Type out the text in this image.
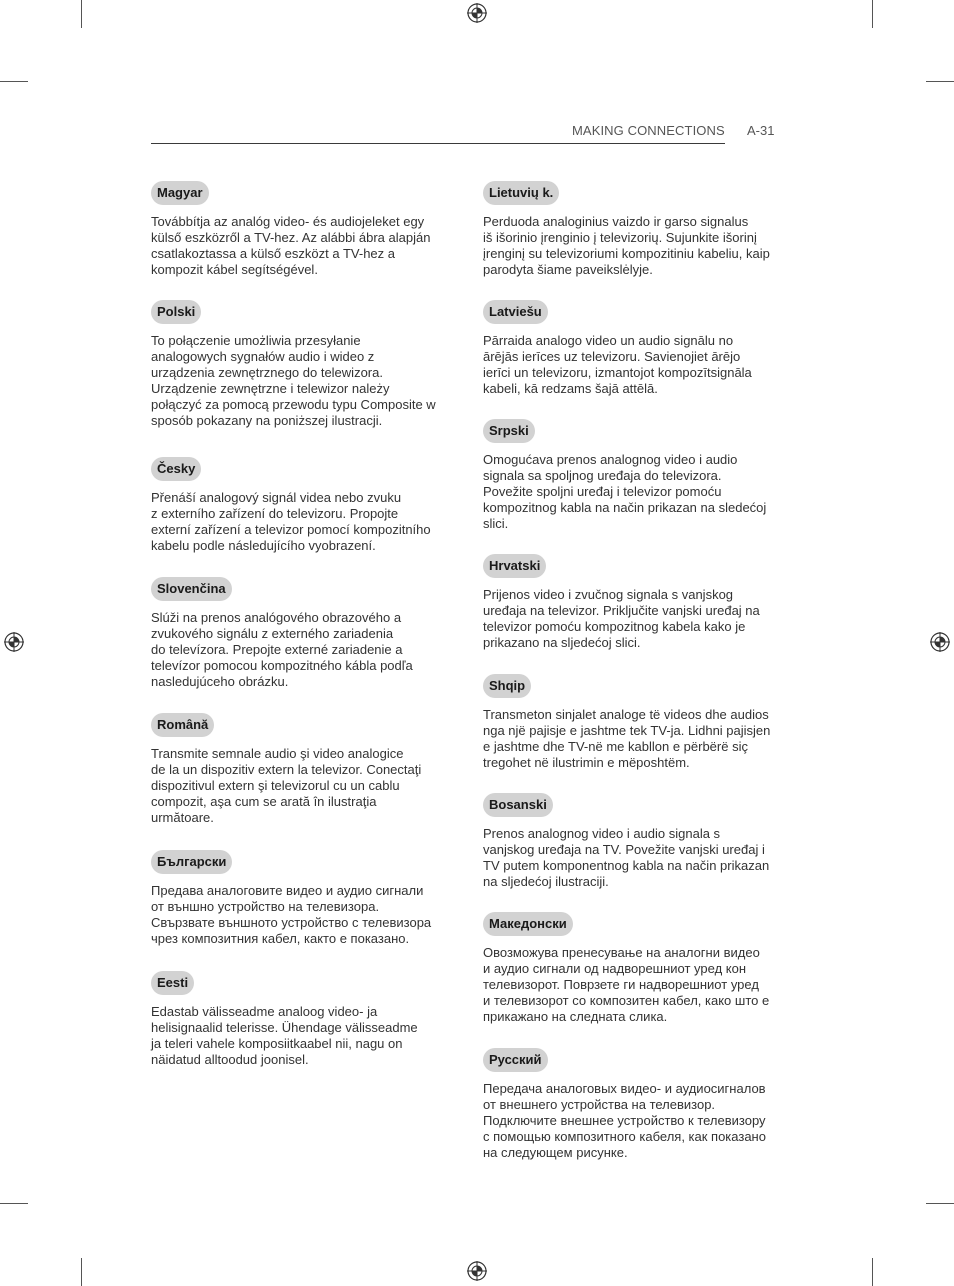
MAKING CONNECTIONS A-31
Magyar

Továbbítja az analóg video- és audiojeleket egy
külső eszközről a TV-hez. Az alábbi ábra alapján
csatlakoztassa a külső eszközt a TV-hez a
kompozit kábel segítségével.

Polski

To połączenie umożliwia przesyłanie
analogowych sygnałów audio i wideo z
urządzenia zewnętrznego do telewizora.
Urządzenie zewnętrzne i telewizor należy
połączyć za pomocą przewodu typu Composite w
sposób pokazany na poniższej ilustracji.

Česky

Přenáší analogový signál videa nebo zvuku
z externího zařízení do televizoru. Propojte
externí zařízení a televizor pomocí kompozitního
kabelu podle následujícího vyobrazení.

Slovenčina

Slúži na prenos analógového obrazového a
zvukového signálu z externého zariadenia
do televízora. Prepojte externé zariadenie a
televízor pomocou kompozitného kábla podľa
nasledujúceho obrázku.

Română

Transmite semnale audio şi video analogice
de la un dispozitiv extern la televizor. Conectaţi
dispozitivul extern şi televizorul cu un cablu
compozit, aşa cum se arată în ilustraţia
următoare.

Български

Предава аналоговите видео и аудио сигнали
от външно устройство на телевизора.
Свързвате външното устройство с телевизора
чрез композитния кабел, както е показано.

Eesti

Edastab välisseadme analoog video- ja
helisignaalid telerisse. Ühendage välisseadme
ja teleri vahele komposiitkaabel nii, nagu on
näidatud alltoodud joonisel.

Lietuvių k.

Perduoda analoginius vaizdo ir garso signalus
iš išorinio įrenginio į televizorių. Sujunkite išorinį
įrenginį su televizoriumi kompozitiniu kabeliu, kaip
parodyta šiame paveikslėlyje.

Latviešu

Pārraida analogo video un audio signālu no
ārējās ierīces uz televizoru. Savienojiet ārējo
ierīci un televizoru, izmantojot kompozītsignāla
kabeli, kā redzams šajā attēlā.

Srpski

Omogućava prenos analognog video i audio
signala sa spoljnog uređaja do televizora.
Povežite spoljni uređaj i televizor pomoću
kompozitnog kabla na način prikazan na sledećoj
slici.

Hrvatski

Prijenos video i zvučnog signala s vanjskog
uređaja na televizor. Priključite vanjski uređaj na
televizor pomoću kompozitnog kabela kako je
prikazano na sljedećoj slici.

Shqip

Transmeton sinjalet analoge të videos dhe audios
nga një pajisje e jashtme tek TV-ja. Lidhni pajisjen
e jashtme dhe TV-në me kabllon e përbërë siç
tregohet në ilustrimin e mëposhtëm.

Bosanski

Prenos analognog video i audio signala s
vanjskog uređaja na TV. Povežite vanjski uređaj i
TV putem komponentnog kabla na način prikazan
na sljedećoj ilustraciji.

Македонски

Овозможува пренесување на аналогни видео
и аудио сигнали од надворешниот уред кон
телевизорот. Поврзете ги надворешниот уред
и телевизорот со композитен кабел, како што е
прикажано на следната слика.

Русский

Передача аналоговых видео- и аудиосигналов
от внешнего устройства на телевизор.
Подключите внешнее устройство к телевизору
с помощью композитного кабеля, как показано
на следующем рисунке.
